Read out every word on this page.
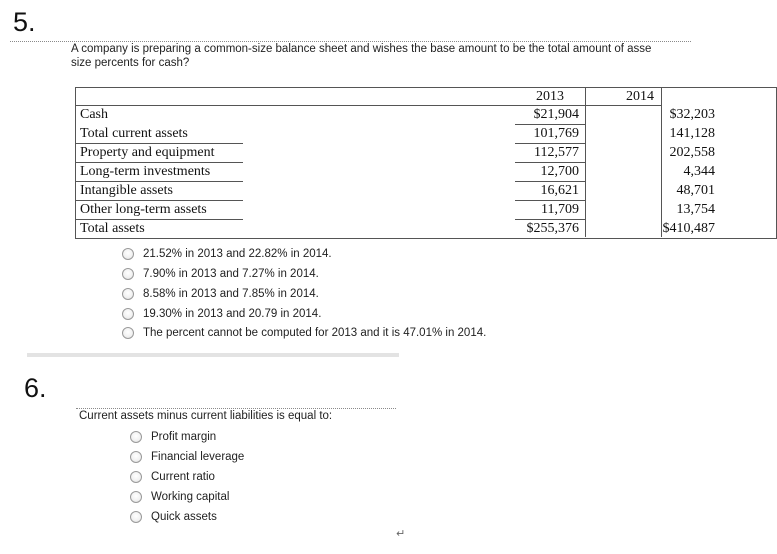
5.
A company is preparing a common-size balance sheet and wishes the base amount to be the total amount of asse
size percents for cash?
2013	2014
Cash	$21,904	$32,203
Total current assets	101,769	141,128
Property and equipment	112,577	202,558
Long-term investments	12,700	4,344
Intangible assets	16,621	48,701
Other long-term assets	11,709	13,754
Total assets	$255,376	$410,487
21.52% in 2013 and 22.82% in 2014.
7.90% in 2013 and 7.27% in 2014.
8.58% in 2013 and 7.85% in 2014.
19.30% in 2013 and 20.79 in 2014.
The percent cannot be computed for 2013 and it is 47.01% in 2014.
6.
Current assets minus current liabilities is equal to:
Profit margin
Financial leverage
Current ratio
Working capital
Quick assets
↵
